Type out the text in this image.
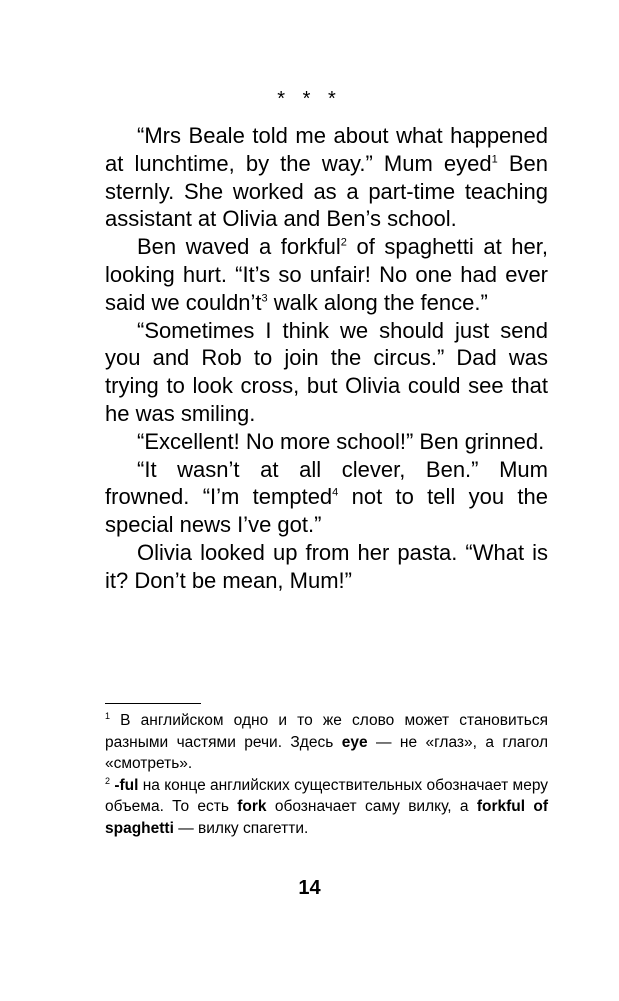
* * *

“Mrs Beale told me about what happened at lunchtime, by the way.” Mum eyed$^1$ Ben sternly. She worked as a part-time teaching assistant at Olivia and Ben’s school.

Ben waved a forkful$^2$ of spaghetti at her, looking hurt. “It’s so unfair! No one had ever said we $couldn’t^3$ walk along the fence.”

“Sometimes I think we should just send you and Rob to join the circus.” Dad was trying to look cross, but Olivia could see that he was smiling.

“Excellent! No more school!” Ben grinned.

“It wasn’t at all clever, Ben.” Mum frowned. “I’m tempted$^4$ not to tell you the special news I’ve got.”

Olivia looked up from her pasta. “What is it? Don’t be mean, Mum!”

$^1$ В английском одно и то же слово может становиться разными частями речи. Здесь eye — не «глаз», а глагол «смотреть».

$^2$ -ful на конце английских существительных обозначает меру объема. То есть fork обозначает саму вилку, а forkful of spaghetti — вилку спагетти.

14
